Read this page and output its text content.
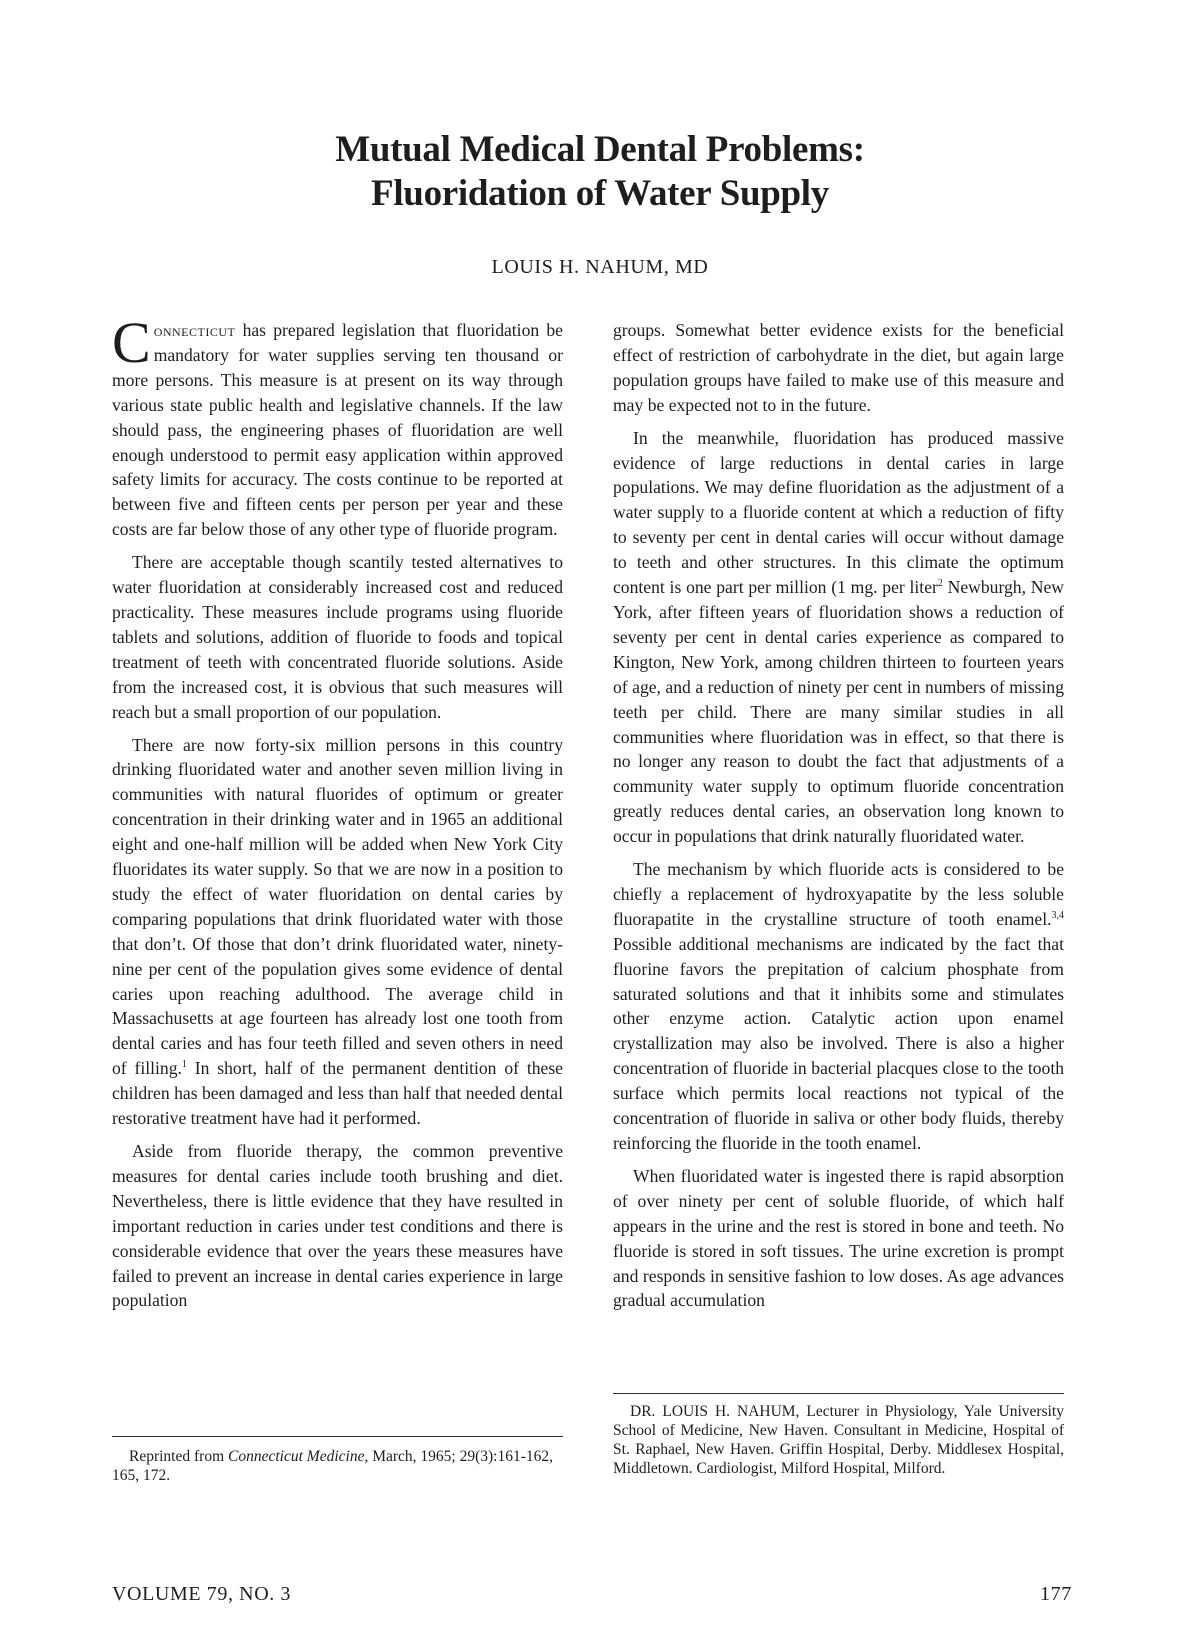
Mutual Medical Dental Problems:
Fluoridation of Water Supply
LOUIS H. NAHUM, MD

Connecticut has prepared legislation that fluoridation be mandatory for water supplies serving ten thousand or more persons. This measure is at present on its way through various state public health and legislative channels. If the law should pass, the engineering phases of fluoridation are well enough understood to permit easy application within approved safety limits for accuracy. The costs continue to be reported at between five and fifteen cents per person per year and these costs are far below those of any other type of fluoride program.

There are acceptable though scantily tested alternatives to water fluoridation at considerably increased cost and reduced practicality. These measures include programs using fluoride tablets and solutions, addition of fluoride to foods and topical treatment of teeth with concentrated fluoride solutions. Aside from the increased cost, it is obvious that such measures will reach but a small proportion of our population.

There are now forty-six million persons in this country drinking fluoridated water and another seven million living in communities with natural fluorides of optimum or greater concentration in their drinking water and in 1965 an additional eight and one-half million will be added when New York City fluoridates its water supply. So that we are now in a position to study the effect of water fluoridation on dental caries by comparing populations that drink fluoridated water with those that don’t. Of those that don’t drink fluoridated water, ninety-nine per cent of the population gives some evidence of dental caries upon reaching adulthood. The average child in Massachusetts at age fourteen has already lost one tooth from dental caries and has four teeth filled and seven others in need of filling.$^1$ In short, half of the permanent dentition of these children has been damaged and less than half that needed dental restorative treatment have had it performed.

Aside from fluoride therapy, the common preventive measures for dental caries include tooth brushing and diet. Nevertheless, there is little evidence that they have resulted in important reduction in caries under test conditions and there is considerable evidence that over the years these measures have failed to prevent an increase in dental caries experience in large population

groups. Somewhat better evidence exists for the beneficial effect of restriction of carbohydrate in the diet, but again large population groups have failed to make use of this measure and may be expected not to in the future.

In the meanwhile, fluoridation has produced massive evidence of large reductions in dental caries in large populations. We may define fluoridation as the adjustment of a water supply to a fluoride content at which a reduction of fifty to seventy per cent in dental caries will occur without damage to teeth and other structures. In this climate the optimum content is one part per million (1 mg. per liter$^2$ Newburgh, New York, after fifteen years of fluoridation shows a reduction of seventy per cent in dental caries experience as compared to Kington, New York, among children thirteen to fourteen years of age, and a reduction of ninety per cent in numbers of missing teeth per child. There are many similar studies in all communities where fluoridation was in effect, so that there is no longer any reason to doubt the fact that adjustments of a community water supply to optimum fluoride concentration greatly reduces dental caries, an observation long known to occur in populations that drink naturally fluoridated water.

The mechanism by which fluoride acts is considered to be chiefly a replacement of hydroxyapatite by the less soluble fluorapatite in the crystalline structure of tooth enamel.$^{3,4}$ Possible additional mechanisms are indicated by the fact that fluorine favors the prepitation of calcium phosphate from saturated solutions and that it inhibits some and stimulates other enzyme action. Catalytic action upon enamel crystallization may also be involved. There is also a higher concentration of fluoride in bacterial placques close to the tooth surface which permits local reactions not typical of the concentration of fluoride in saliva or other body fluids, thereby reinforcing the fluoride in the tooth enamel.

When fluoridated water is ingested there is rapid absorption of over ninety per cent of soluble fluoride, of which half appears in the urine and the rest is stored in bone and teeth. No fluoride is stored in soft tissues. The urine excretion is prompt and responds in sensitive fashion to low doses. As age advances gradual accumulation

Reprinted from Connecticut Medicine, March, 1965; 29(3):161-162, 165, 172.
DR. LOUIS H. NAHUM, Lecturer in Physiology, Yale University School of Medicine, New Haven. Consultant in Medicine, Hospital of St. Raphael, New Haven. Griffin Hospital, Derby. Middlesex Hospital, Middletown. Cardiologist, Milford Hospital, Milford.
VOLUME 79, NO. 3	177
